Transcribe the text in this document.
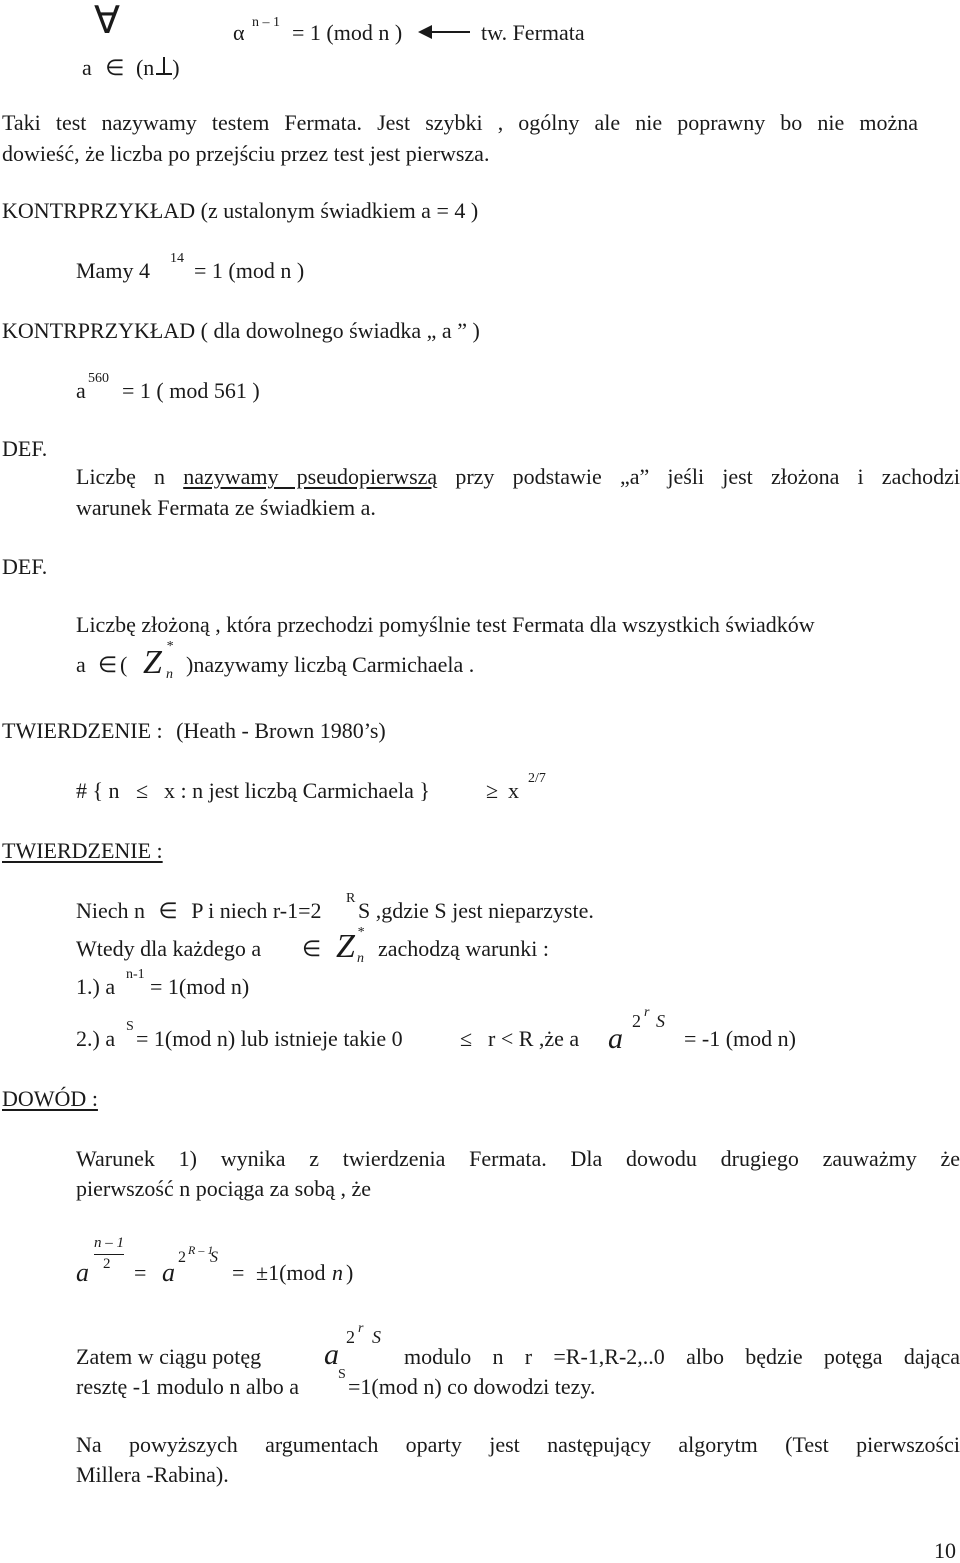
∀
a ∈ (n )
α n – 1 = 1 (mod n )	tw. Fermata
Taki test nazywamy testem Fermata. Jest szybki , ogólny ale nie poprawny bo nie można
dowieść, że liczba po przejściu przez test jest pierwsza.
KONTRPRZYKŁAD (z ustalonym świadkiem a = 4 )
Mamy 4 14 = 1 (mod n )
KONTRPRZYKŁAD ( dla dowolnego świadka „ a ” )
a 560 = 1 ( mod 561 )
DEF.
Liczbę n nazywamy pseudopierwszą przy podstawie „a” jeśli jest złożona i zachodzi
warunek Fermata ze świadkiem a.
DEF.
Liczbę złożoną , która przechodzi pomyślnie test Fermata dla wszystkich świadków
a ∈ ( Z *
n )nazywamy liczbą Carmichaela .
TWIERDZENIE : (Heath - Brown 1980’s)
# { n ≤ x : n jest liczbą Carmichaela }	≥ x 2/7
TWIERDZENIE :
Niech n ∈ P i niech r-1=2 R S ,gdzie S jest nieparzyste.
Wtedy dla każdego a ∈ Z *
n zachodzą warunki :
1.) a n-1 = 1(mod n)
2.) a S = 1(mod n) lub istnieje takie 0	≤ r < R ,że a a
2 r S
= -1 (mod n)
DOWÓD :
Warunek 1) wynika z twierdzenia Fermata. Dla dowodu drugiego zauważmy że
pierwszość n pociąga za sobą , że
a
n – 1
2 = a
2 R – 1
S
= ±1(mod n )
Zatem w ciągu potęg a
2 r S
modulo n r =R-1,R-2,..0 albo będzie potęga dająca
resztę -1 modulo n albo a	S =1(mod n) co dowodzi tezy.
Na powyższych argumentach oparty jest następujący algorytm (Test pierwszości
Millera -Rabina).
10
